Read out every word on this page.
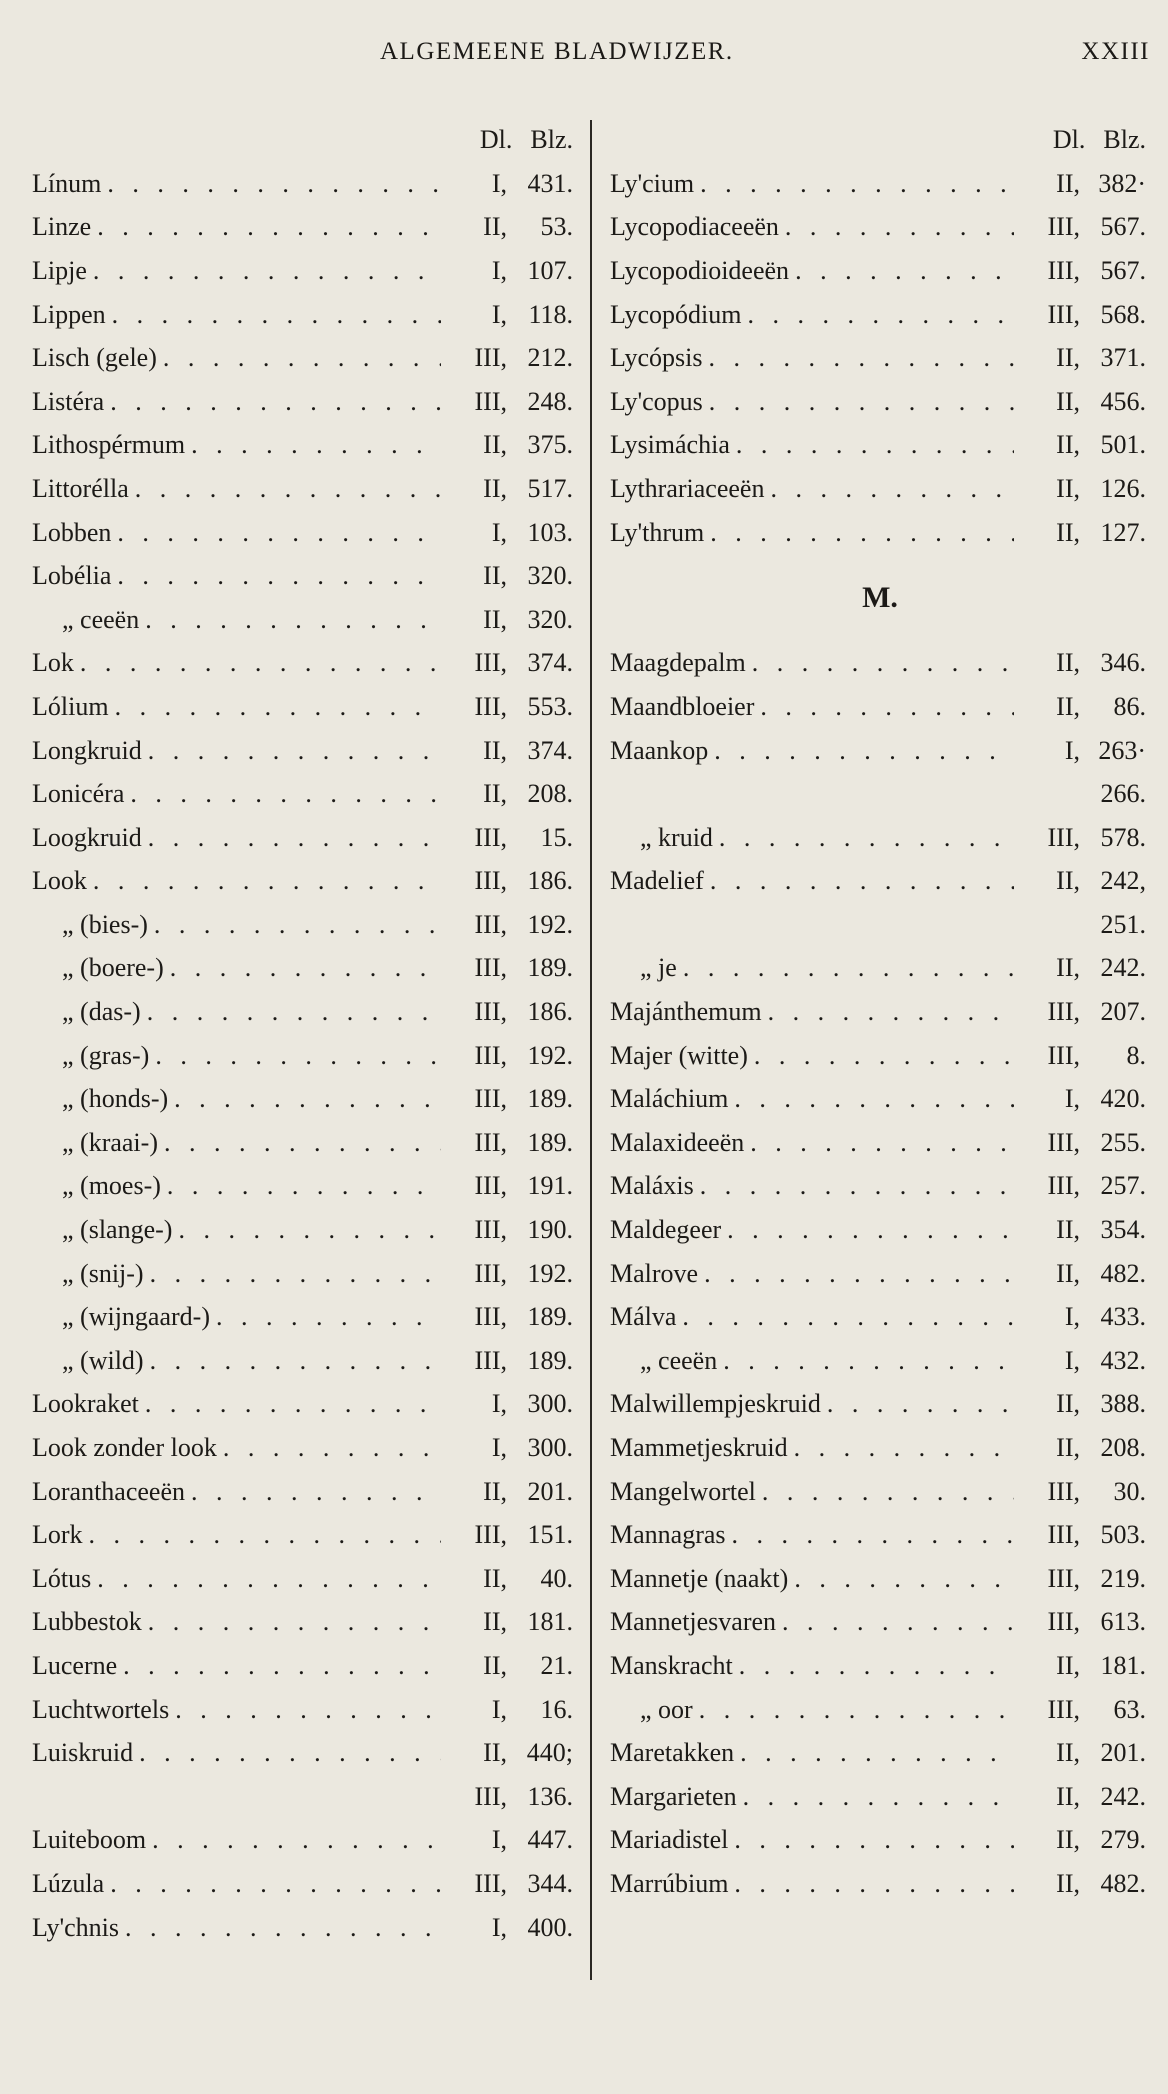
ALGEMEENE BLADWIJZER.	XXIII
Dl. Blz.
Línum . . .	I, 431.
Linze . . .	II,	53.
Lipje . . .	I, 107.
Lippen . . .	I, 118.
Lisch (gele) . . .	III, 212.
Listéra . . .	III, 248.
Lithospérmum . . .	II, 375.
Littorélla . . .	II, 517.
Lobben . . .	I, 103.
Lobélia . . .	II, 320.
„ ceeën . . .	II, 320.
Lok . . .	III, 374.
Lólium . . .	III, 553.
Longkruid . . .	II, 374.
Lonicéra . . .	II, 208.
Loogkruid . . .	III,	15.
Look . . .	III, 186.
„ (bies-) . . .	III, 192.
„ (boere-) . . .	III, 189.
„ (das-) . . .	III, 186.
„ (gras-) . . .	III, 192.
„ (honds-) . . .	III, 189.
„ (kraai-) . . .	III, 189.
„ (moes-) . . .	III, 191.
„ (slange-) . . .	III, 190.
„ (snij-) . . .	III, 192.
„ (wijngaard-) . . .	III, 189.
„ (wild) . . .	III, 189.
Lookraket . . .	I, 300.
Look zonder look . . .	I, 300.
Loranthaceeën . . .	II, 201.
Lork . . .	III, 151.
Lótus . . .	II,	40.
Lubbestok . . .	II, 181.
Lucerne . . .	II,	21.
Luchtwortels . . .	I,	16.
Luiskruid . . .	II, 440;
III, 136.
Luiteboom . . .	I, 447.
Lúzula . . .	III, 344.
Ly'chnis . . .	I, 400.
Dl. Blz.
Ly'cium . . .	II, 382·
Lycopodiaceeën . . .	III, 567.
Lycopodioideeën . . .	III, 567.
Lycopódium . . .	III, 568.
Lycópsis . . .	II, 371.
Ly'copus . . .	II, 456.
Lysimáchia . . .	II, 501.
Lythrariaceeën . . .	II, 126.
Ly'thrum . . .	II, 127.
M.
Maagdepalm . . .	II, 346.
Maandbloeier . . .	II,	86.
Maankop . . .	I, 263·
266.
„ kruid . . .	III, 578.
Madelief . . .	II, 242,
251.
„ je . . .	II, 242.
Majánthemum . . .	III, 207.
Majer (witte) . . .	III,	8.
Maláchium . . .	I, 420.
Malaxideeën . . .	III, 255.
Maláxis . . .	III, 257.
Maldegeer . . .	II, 354.
Malrove . . .	II, 482.
Málva . . .	I, 433.
„ ceeën . . .	I, 432.
Malwillempjeskruid . . .	II, 388.
Mammetjeskruid . . .	II, 208.
Mangelwortel . . .	III,	30.
Mannagras . . .	III, 503.
Mannetje (naakt) . . .	III, 219.
Mannetjesvaren . . .	III, 613.
Manskracht . . .	II, 181.
„ oor . . .	III,	63.
Maretakken . . .	II, 201.
Margarieten . . .	II, 242.
Mariadistel . . .	II, 279.
Marrúbium . . .	II, 482.
